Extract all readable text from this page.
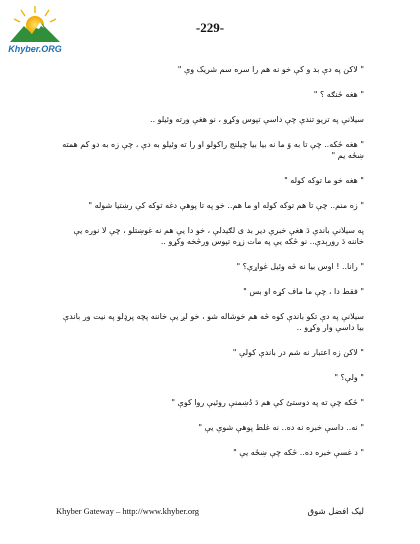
Khyber.ORG
-229-

" لاکن په دې بد و کې خو نه هم را سره سم شریک وې "

" هغه څنګه ؟ "

سیلانې په تریو تندې چې داسې تپوس وکړو ، نو هغې ورته وئیلو ..

" هغه څکه.. چې تا به وَ ما نه بیا بیا چیلنج راکولو او را ته وئیلو به دې ، چې زه به دو کم همته ښځه یم "

" هغه خو ما توکه کوله "

" زه منم.. چې تا هم توکه کوله او ما هم.. خو په تا پوهې دغه توکه کې رښتیا شوله "

په سیلانې باندې دَ هغې خبرې دیر بد ی لګیدلې ، خو دا یې هم نه غوښتلو ، چې لا نوره یې خاننه دَ رورېدې.. نو څکه یې په مات زړه تپوس ورڅخه وکړو ..

" رانا.. ! اوس بیا نه څه وئیل غواړې؟ "

" فقط دا ، چې ما ماف کړه او بس "

سیلانې په دې تکو باندې کوه څه هم خوشاله شو ، خو لږ یې خاننه پچه پرډلو په نیت ور باندې بیا داسې وار وکړو ..

" لاکن زه اعتبار نه شم در باندې کولې "

" ولې؟ "

" څکه چې ته په دوستئ کې هم دَ دُښمنې روئیې روا کوې "

" نه.. داسې خبره نه ده.. نه غلط پوهې شوې یې "

" د غسې خبره ده.. څکه چې ښځه یې "

Khyber Gateway – http://www.khyber.org	لیک افضل شوق
